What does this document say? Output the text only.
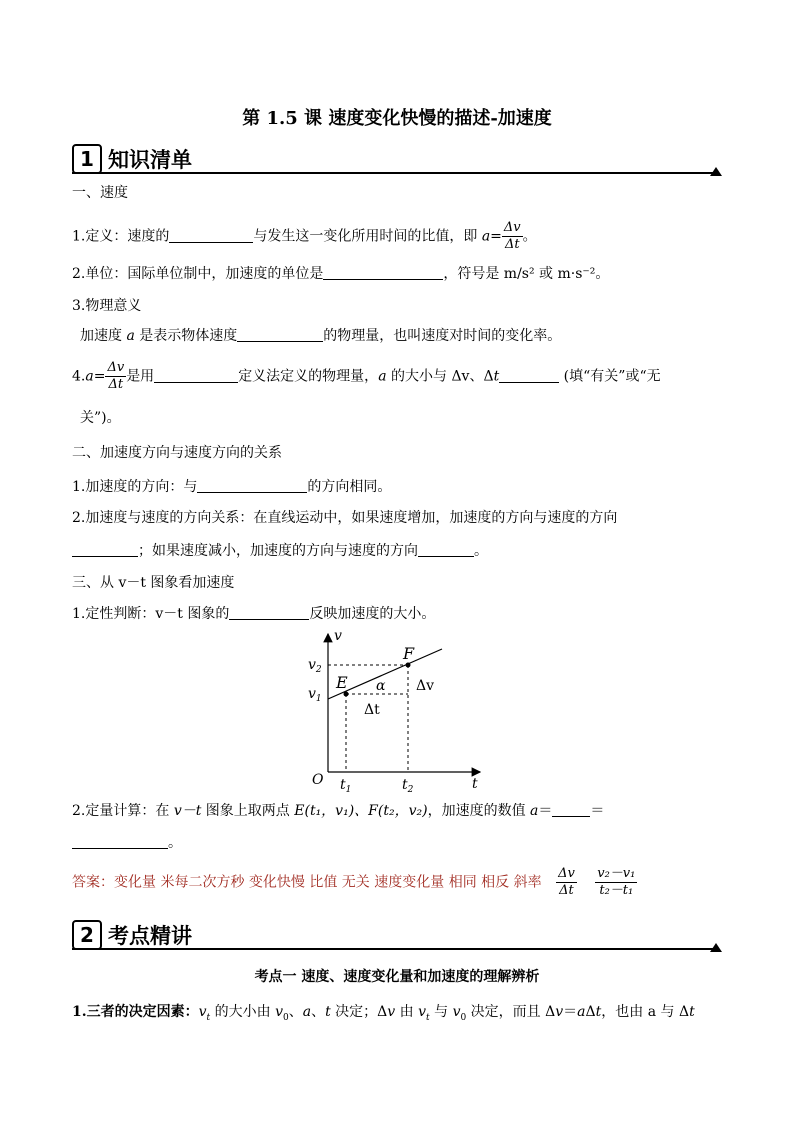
第 1.5 课 速度变化快慢的描述-加速度
1 知识清单
一、速度
1.定义：速度的	与发生这一变化所用时间的比值，即 $a= \frac{\Delta v}{\Delta t}$ 。
2.单位：国际单位制中，加速度的单位是	，符号是 m/s² 或 m·s⁻²。
3.物理意义
加速度 a 是表示物体速度	的物理量，也叫速度对时间的变化率。
$4.a= \frac{\Delta v}{\Delta t}$ 是用	定义法定义的物理量，a 的大小与 Δv、Δt	(填“有关”或“无
关”)。
二、加速度方向与速度方向的关系
1.加速度的方向：与	的方向相同。
2.加速度与速度的方向关系：在直线运动中，如果速度增加，加速度的方向与速度的方向
；如果速度减小，加速度的方向与速度的方向	。
三、从 v－t 图象看加速度
1.定性判断：v－t 图象的	反映加速度的大小。
v
t
O
$v_2$
$v_1$
$t_1$	$t_2$
E
F
α Δv
Δt
2.定量计算：在 v－t 图象上取两点 E(t₁，v₁)、F(t₂，v₂)，加速度的数值 a＝	＝
。
答案：变化量 米每二次方秒 变化快慢 比值 无关 速度变化量 相同 相反 斜率 $\frac{\Delta v}{\Delta t}$
$\frac{\text{v₂－v₁}}{\text{t₂－t₁}}$
2 考点精讲
考点一 速度、速度变化量和加速度的理解辨析
1.三者的决定因素：$v_t$ 的大小由 $v_0$、a、t 决定；Δv 由 $v_t$ 与 $v_0$ 决定，而且 Δv＝aΔt，也由 a 与 Δt
